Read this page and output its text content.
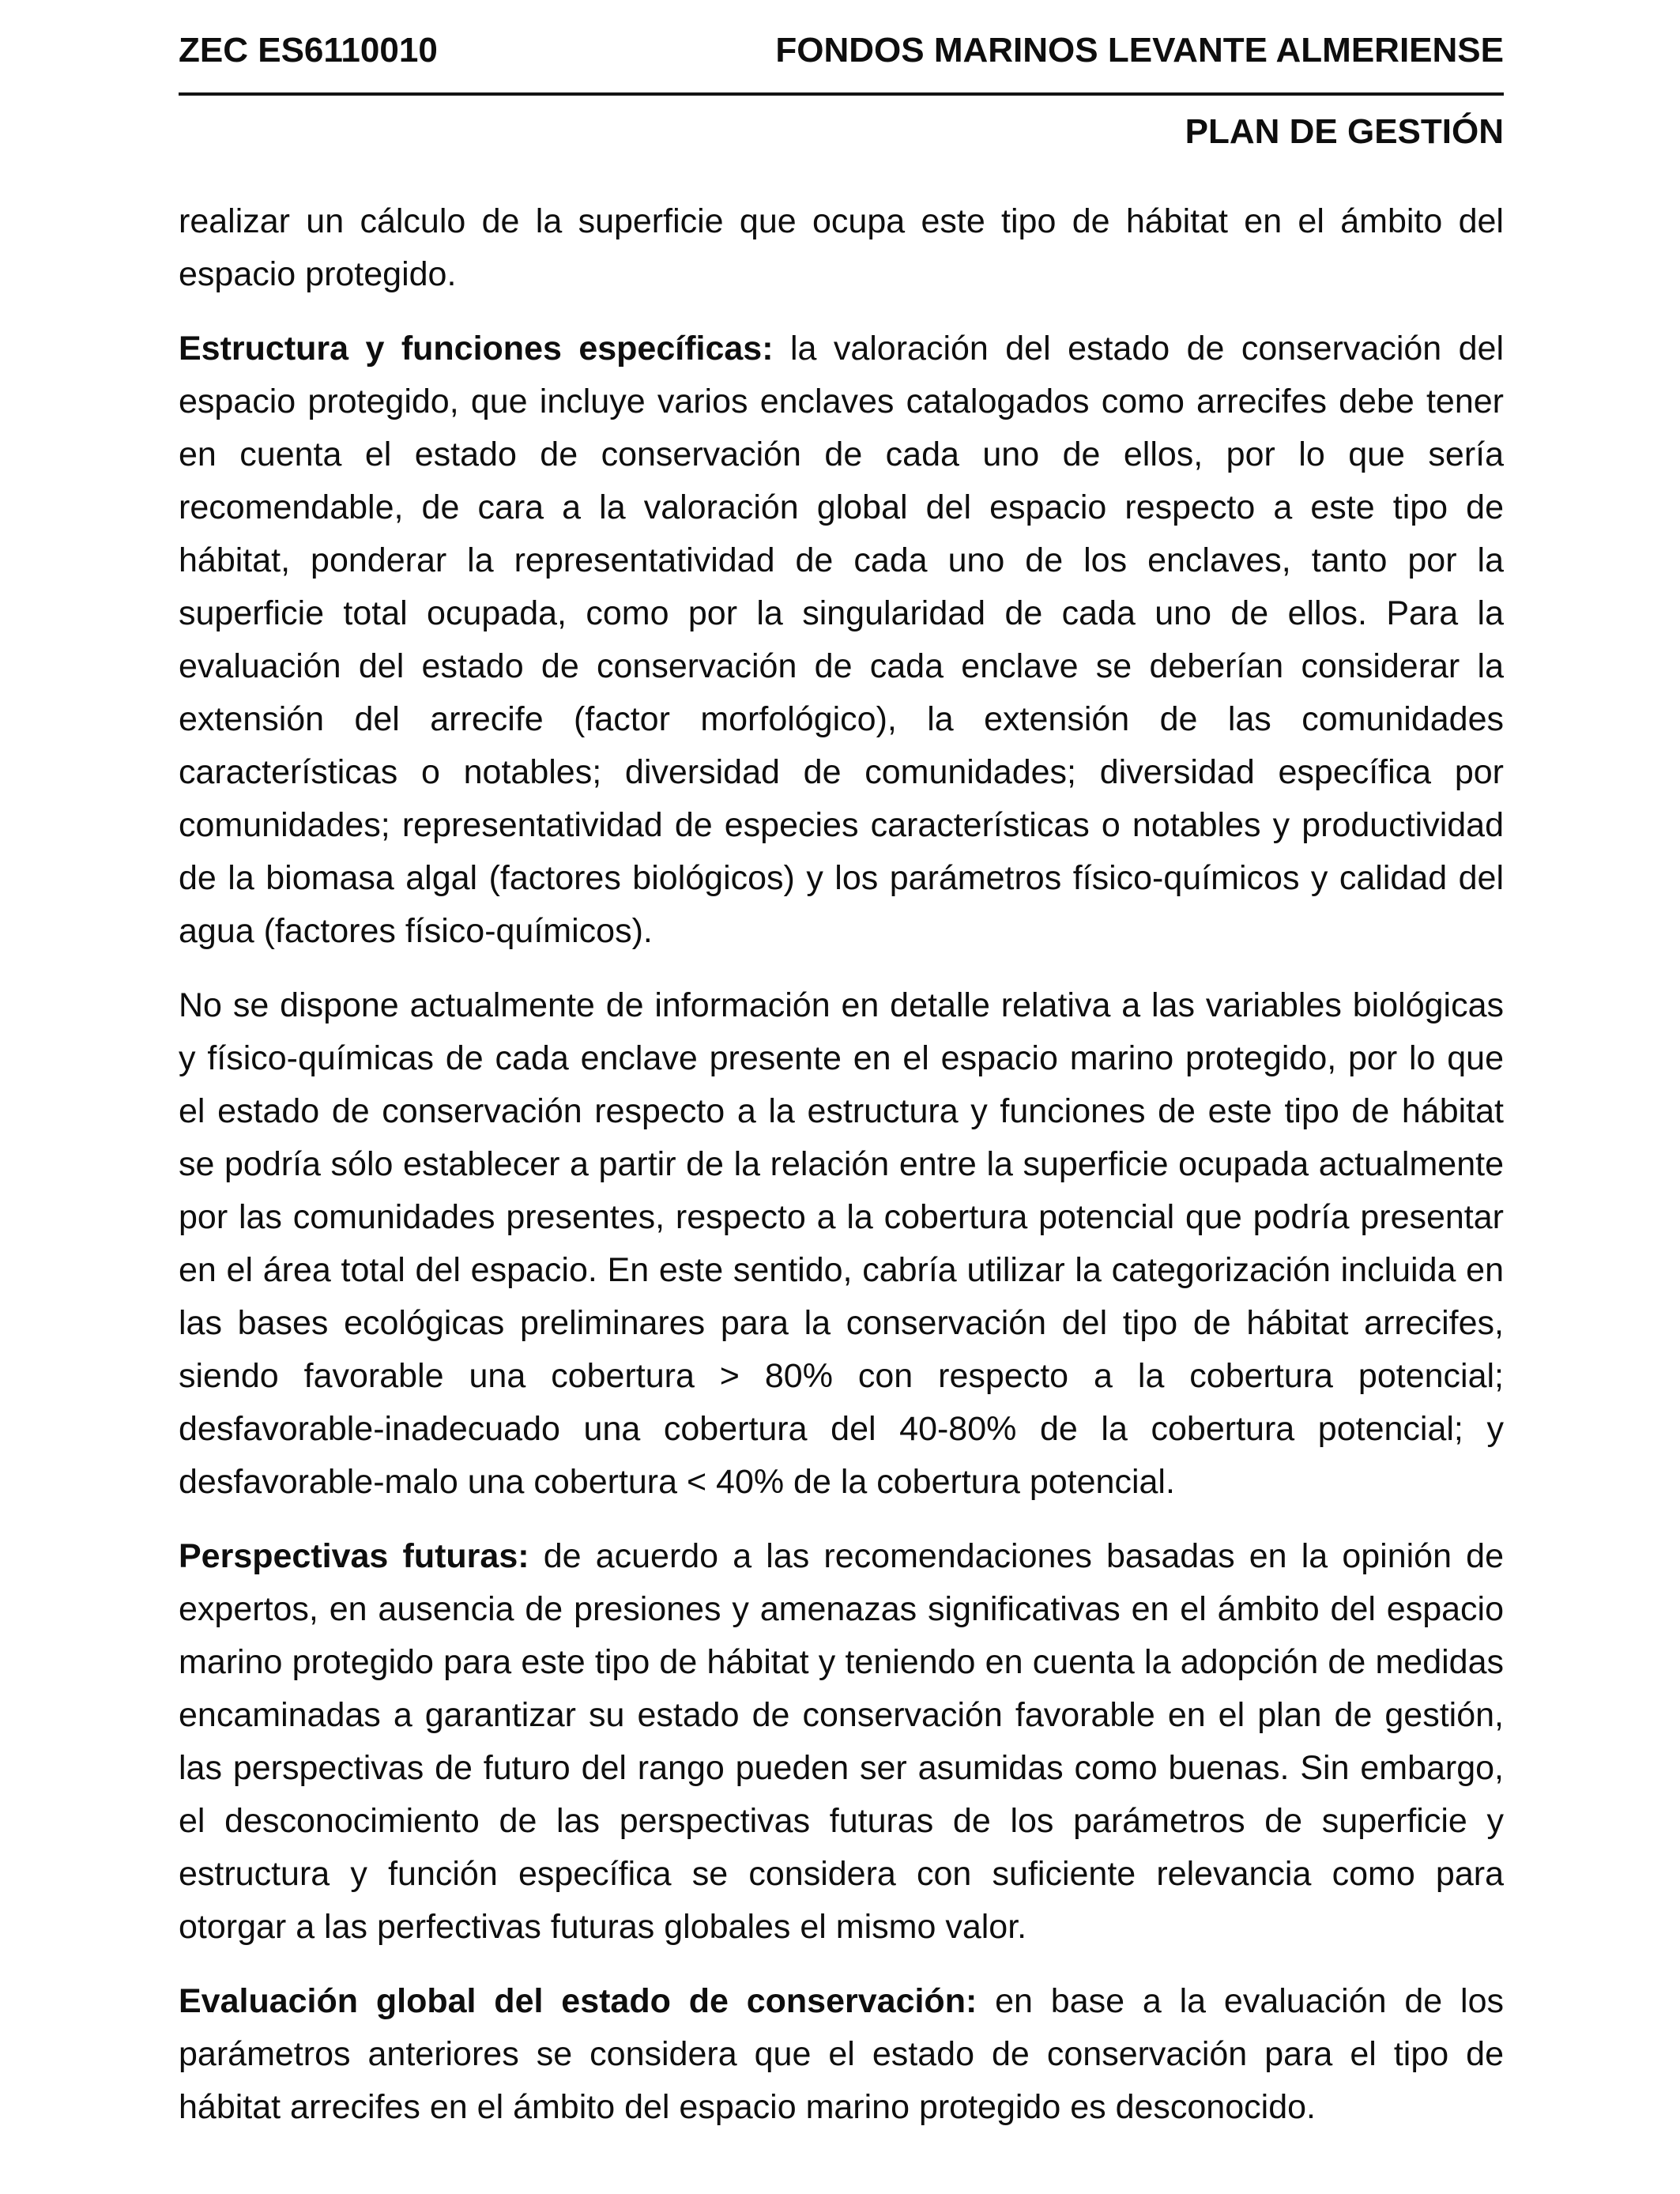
ZEC ES6110010	FONDOS MARINOS LEVANTE ALMERIENSE
PLAN DE GESTIÓN

realizar un cálculo de la superficie que ocupa este tipo de hábitat en el ámbito del espacio protegido.

Estructura y funciones específicas: la valoración del estado de conservación del espacio protegido, que incluye varios enclaves catalogados como arrecifes debe tener en cuenta el estado de conservación de cada uno de ellos, por lo que sería recomendable, de cara a la valoración global del espacio respecto a este tipo de hábitat, ponderar la representatividad de cada uno de los enclaves, tanto por la superficie total ocupada, como por la singularidad de cada uno de ellos. Para la evaluación del estado de conservación de cada enclave se deberían considerar la extensión del arrecife (factor morfológico), la extensión de las comunidades características o notables; diversidad de comunidades; diversidad específica por comunidades; representatividad de especies características o notables y productividad de la biomasa algal (factores biológicos) y los parámetros físico-químicos y calidad del agua (factores físico-químicos).

No se dispone actualmente de información en detalle relativa a las variables biológicas y físico-químicas de cada enclave presente en el espacio marino protegido, por lo que el estado de conservación respecto a la estructura y funciones de este tipo de hábitat se podría sólo establecer a partir de la relación entre la superficie ocupada actualmente por las comunidades presentes, respecto a la cobertura potencial que podría presentar en el área total del espacio. En este sentido, cabría utilizar la categorización incluida en las bases ecológicas preliminares para la conservación del tipo de hábitat arrecifes, siendo favorable una cobertura > 80% con respecto a la cobertura potencial; desfavorable-inadecuado una cobertura del 40-80% de la cobertura potencial; y desfavorable-malo una cobertura < 40% de la cobertura potencial.

Perspectivas futuras: de acuerdo a las recomendaciones basadas en la opinión de expertos, en ausencia de presiones y amenazas significativas en el ámbito del espacio marino protegido para este tipo de hábitat y teniendo en cuenta la adopción de medidas encaminadas a garantizar su estado de conservación favorable en el plan de gestión, las perspectivas de futuro del rango pueden ser asumidas como buenas. Sin embargo, el desconocimiento de las perspectivas futuras de los parámetros de superficie y estructura y función específica se considera con suficiente relevancia como para otorgar a las perfectivas futuras globales el mismo valor.

Evaluación global del estado de conservación: en base a la evaluación de los parámetros anteriores se considera que el estado de conservación para el tipo de hábitat arrecifes en el ámbito del espacio marino protegido es desconocido.
